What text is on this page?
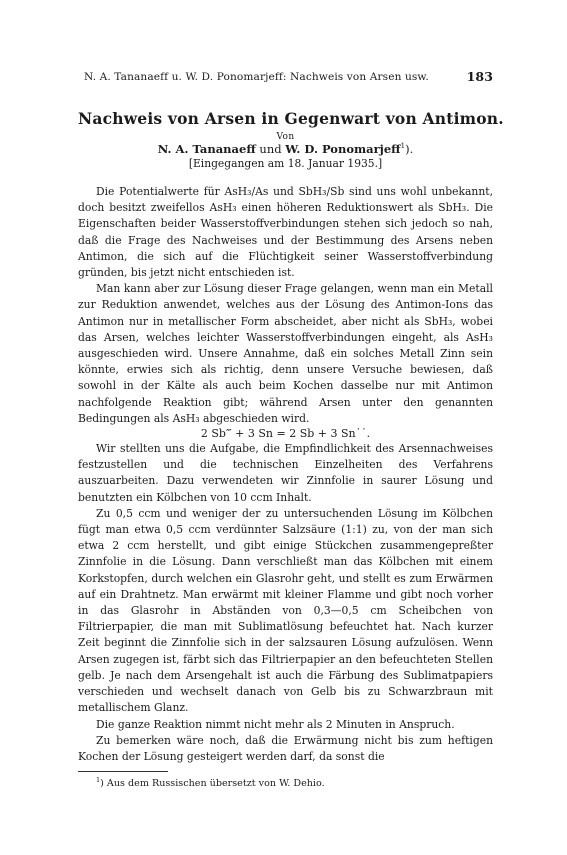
N. A. Tananaeff u. W. D. Ponomarjeff: Nachweis von Arsen usw.	183
Nachweis von Arsen in Gegenwart von Antimon.
Von
N. A. Tananaeff und W. D. Ponomarjeff$^1$).
[Eingegangen am 18. Januar 1935.]

Die Potentialwerte für AsH₃/As und SbH₃/Sb sind uns wohl unbekannt, doch besitzt zweifellos AsH₃ einen höheren Reduktionswert als SbH₃. Die Eigenschaften beider Wasserstoffverbindungen stehen sich jedoch so nah, daß die Frage des Nachweises und der Bestimmung des Arsens neben Antimon, die sich auf die Flüchtigkeit seiner Wasserstoffverbindung gründen, bis jetzt nicht entschieden ist.

Man kann aber zur Lösung dieser Frage gelangen, wenn man ein Metall zur Reduktion anwendet, welches aus der Lösung des Antimon-Ions das Antimon nur in metallischer Form abscheidet, aber nicht als SbH₃, wobei das Arsen, welches leichter Wasserstoffverbindungen eingeht, als AsH₃ ausgeschieden wird. Unsere Annahme, daß ein solches Metall Zinn sein könnte, erwies sich als richtig, denn unsere Versuche bewiesen, daß sowohl in der Kälte als auch beim Kochen dasselbe nur mit Antimon nachfolgende Reaktion gibt; während Arsen unter den genannten Bedingungen als AsH₃ abgeschieden wird.

2 Sb‴ + 3 Sn = 2 Sb + 3 Sn˙˙.

Wir stellten uns die Aufgabe, die Empfindlichkeit des Arsennachweises festzustellen und die technischen Einzelheiten des Verfahrens auszuarbeiten. Dazu verwendeten wir Zinnfolie in saurer Lösung und benutzten ein Kölbchen von 10 ccm Inhalt.

Zu 0,5 ccm und weniger der zu untersuchenden Lösung im Kölbchen fügt man etwa 0,5 ccm verdünnter Salzsäure (1:1) zu, von der man sich etwa 2 ccm herstellt, und gibt einige Stückchen zusammengepreßter Zinnfolie in die Lösung. Dann verschließt man das Kölbchen mit einem Korkstopfen, durch welchen ein Glasrohr geht, und stellt es zum Erwärmen auf ein Drahtnetz. Man erwärmt mit kleiner Flamme und gibt noch vorher in das Glasrohr in Abständen von 0,3—0,5 cm Scheibchen von Filtrierpapier, die man mit Sublimatlösung befeuchtet hat. Nach kurzer Zeit beginnt die Zinnfolie sich in der salzsauren Lösung aufzulösen. Wenn Arsen zugegen ist, färbt sich das Filtrierpapier an den befeuchteten Stellen gelb. Je nach dem Arsengehalt ist auch die Färbung des Sublimatpapiers verschieden und wechselt danach von Gelb bis zu Schwarzbraun mit metallischem Glanz.

Die ganze Reaktion nimmt nicht mehr als 2 Minuten in Anspruch.

Zu bemerken wäre noch, daß die Erwärmung nicht bis zum heftigen Kochen der Lösung gesteigert werden darf, da sonst die

$^1$) Aus dem Russischen übersetzt von W. Dehio.
